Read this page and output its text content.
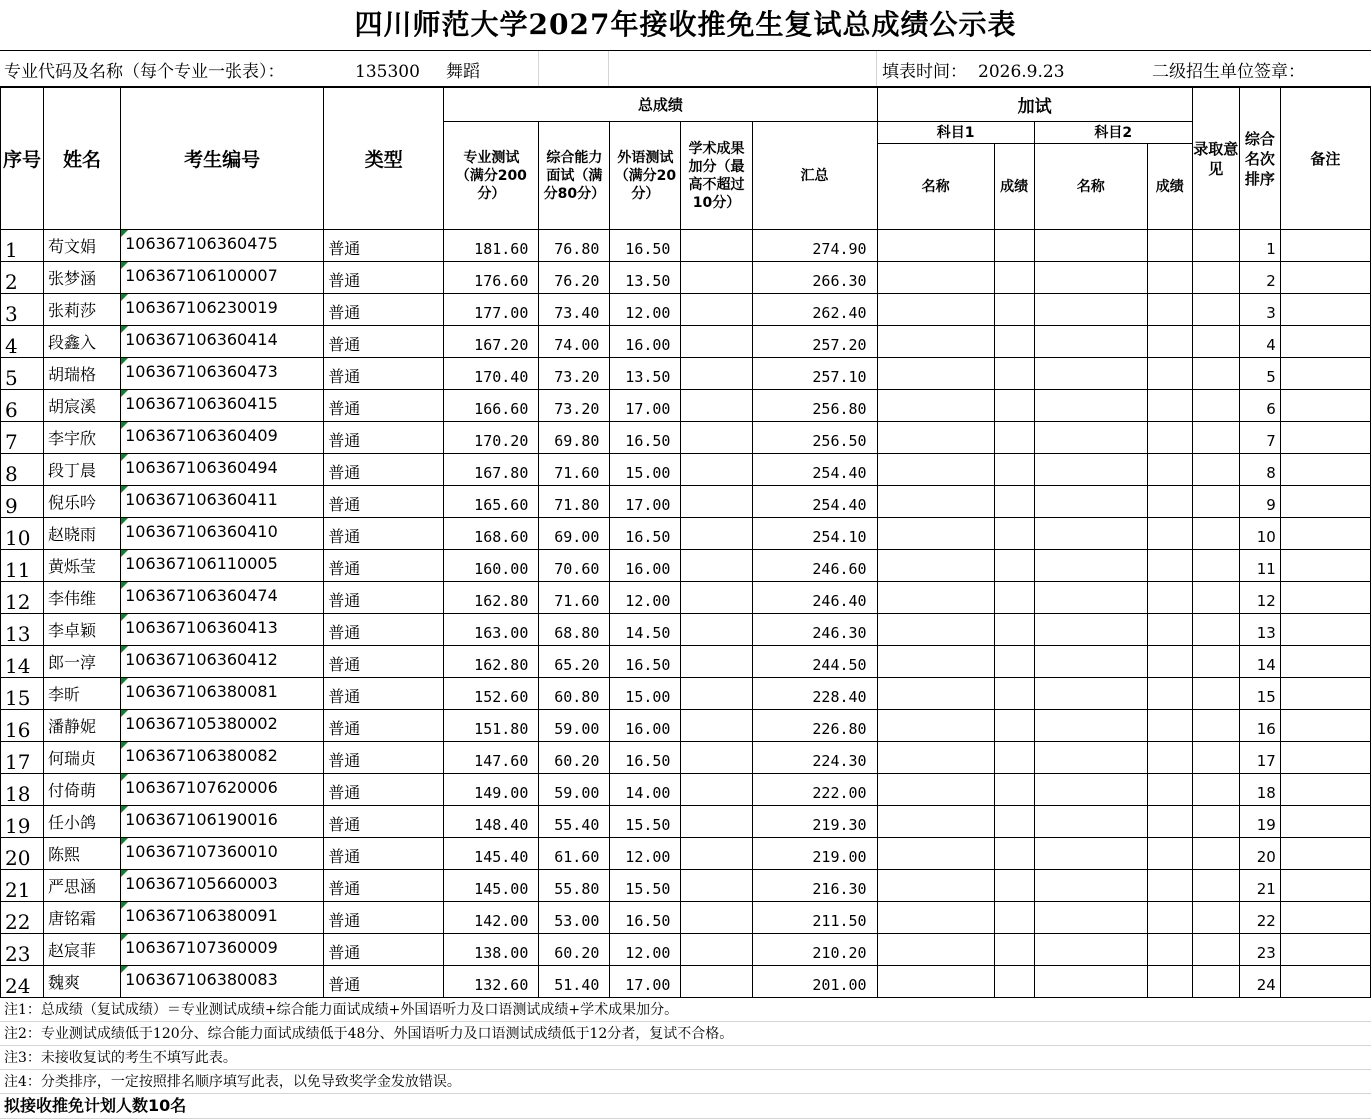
四川师范大学2027年接收推免生复试总成绩公示表
专业代码及名称（每个专业一张表）：	135300 舞蹈	填表时间： 2026.9.23	二级招生单位签章：
序号	姓名	考生编号	类型	总成绩					加试				录取意见	综合名次排序	备注
				专业测试（满分200分）	综合能力面试（满分80分）	外语测试（满分20分）	学术成果加分（最高不超过10分）	汇总	科目1		科目2				
									名称	成绩	名称	成绩			
1	苟文娟	106367106360475	普通	181.60	76.80	16.50		274.90						1	
2	张梦涵	106367106100007	普通	176.60	76.20	13.50		266.30						2	
3	张莉莎	106367106230019	普通	177.00	73.40	12.00		262.40						3	
4	段鑫入	106367106360414	普通	167.20	74.00	16.00		257.20						4	
5	胡瑞格	106367106360473	普通	170.40	73.20	13.50		257.10						5	
6	胡宸溪	106367106360415	普通	166.60	73.20	17.00		256.80						6	
7	李宇欣	106367106360409	普通	170.20	69.80	16.50		256.50						7	
8	段丁晨	106367106360494	普通	167.80	71.60	15.00		254.40						8	
9	倪乐吟	106367106360411	普通	165.60	71.80	17.00		254.40						9	
10	赵晓雨	106367106360410	普通	168.60	69.00	16.50		254.10						10	
11	黄烁莹	106367106110005	普通	160.00	70.60	16.00		246.60						11	
12	李伟维	106367106360474	普通	162.80	71.60	12.00		246.40						12	
13	李卓颖	106367106360413	普通	163.00	68.80	14.50		246.30						13	
14	郎一淳	106367106360412	普通	162.80	65.20	16.50		244.50						14	
15	李昕	106367106380081	普通	152.60	60.80	15.00		228.40						15	
16	潘静妮	106367105380002	普通	151.80	59.00	16.00		226.80						16	
17	何瑞贞	106367106380082	普通	147.60	60.20	16.50		224.30						17	
18	付倚萌	106367107620006	普通	149.00	59.00	14.00		222.00						18	
19	任小鸽	106367106190016	普通	148.40	55.40	15.50		219.30						19	
20	陈熙	106367107360010	普通	145.40	61.60	12.00		219.00						20	
21	严思涵	106367105660003	普通	145.00	55.80	15.50		216.30						21	
22	唐铭霜	106367106380091	普通	142.00	53.00	16.50		211.50						22	
23	赵宸菲	106367107360009	普通	138.00	60.20	12.00		210.20						23	
24	魏爽	106367106380083	普通	132.60	51.40	17.00		201.00						24	
注1：总成绩（复试成绩）＝专业测试成绩+综合能力面试成绩+外国语听力及口语测试成绩+学术成果加分。
注2：专业测试成绩低于120分、综合能力面试成绩低于48分、外国语听力及口语测试成绩低于12分者，复试不合格。
注3：未接收复试的考生不填写此表。
注4：分类排序，一定按照排名顺序填写此表，以免导致奖学金发放错误。
拟接收推免计划人数10名
